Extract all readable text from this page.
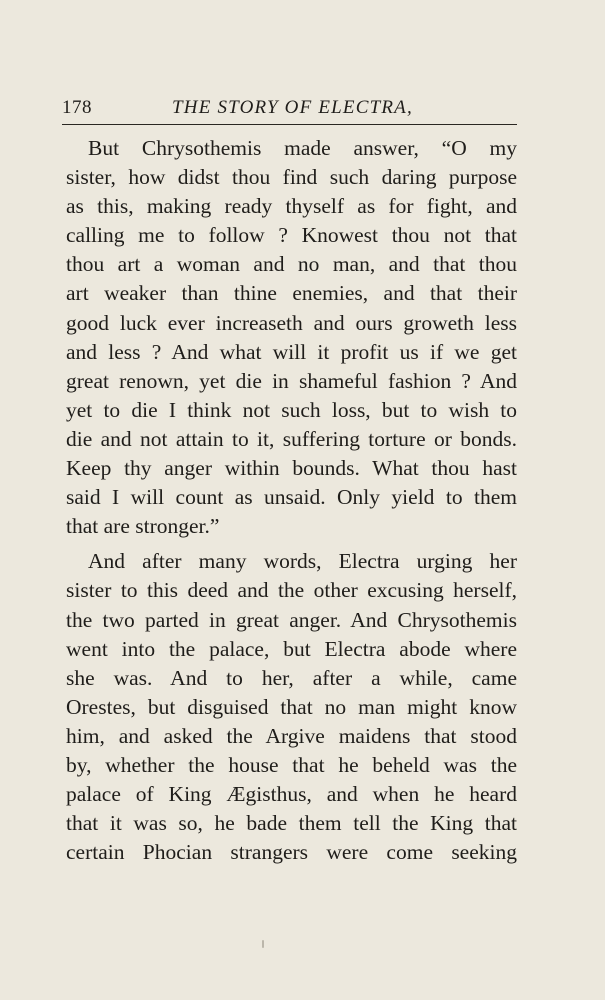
178	THE STORY OF ELECTRA,
But Chrysothemis made answer, “O my
sister, how didst thou find such daring purpose
as this, making ready thyself as for fight, and
calling me to follow ? Knowest thou not that
thou art a woman and no man, and that thou
art weaker than thine enemies, and that their
good luck ever increaseth and ours groweth less
and less ? And what will it profit us if we get
great renown, yet die in shameful fashion ? And
yet to die I think not such loss, but to wish to
die and not attain to it, suffering torture or bonds.
Keep thy anger within bounds. What thou hast
said I will count as unsaid. Only yield to them
that are stronger.”
And after many words, Electra urging her
sister to this deed and the other excusing herself,
the two parted in great anger. And Chrysothemis
went into the palace, but Electra abode where
she was. And to her, after a while, came
Orestes, but disguised that no man might know
him, and asked the Argive maidens that stood
by, whether the house that he beheld was the
palace of King Ægisthus, and when he heard
that it was so, he bade them tell the King that
certain Phocian strangers were come seeking
